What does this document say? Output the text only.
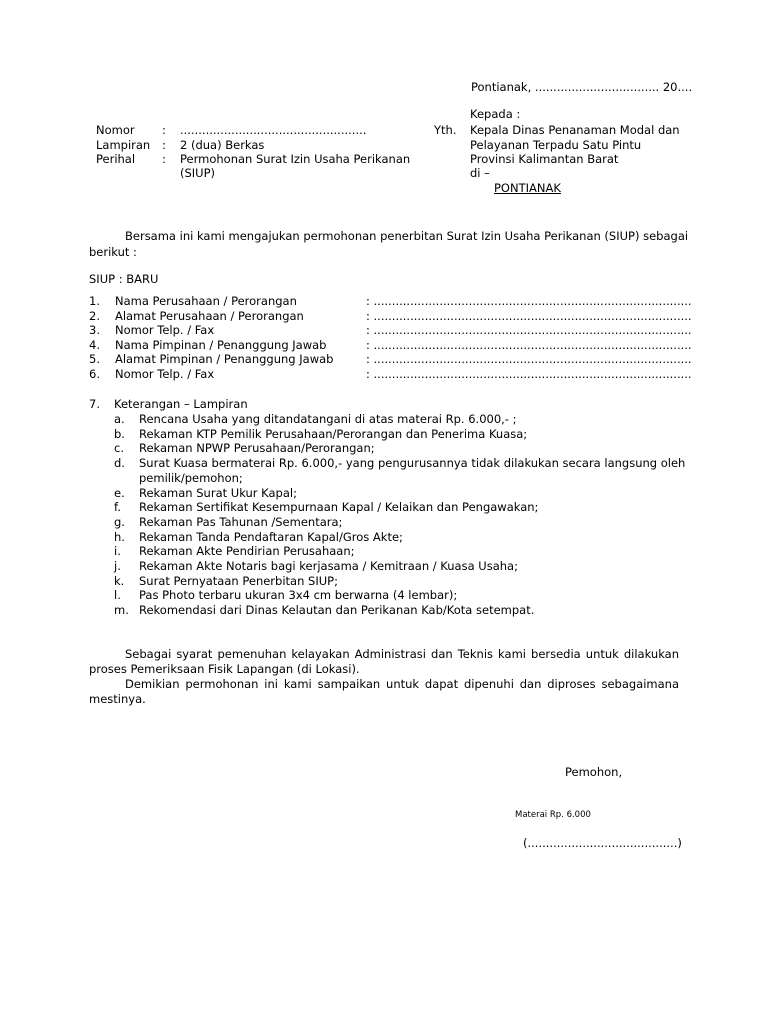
Pontianak, .................................. 20....
Kepada :
Yth. Kepala Dinas Penanaman Modal dan
Pelayanan Terpadu Satu Pintu
Provinsi Kalimantan Barat
di –
PONTIANAK
Nomor : ...................................................
Lampiran : 2 (dua) Berkas
Perihal : Permohonan Surat Izin Usaha Perikanan
(SIUP)
Bersama ini kami mengajukan permohonan penerbitan Surat Izin Usaha Perikanan (SIUP) sebagai
berikut :
SIUP : BARU
1. Nama Perusahaan / Perorangan	: .......................................................................................
2. Alamat Perusahaan / Perorangan	: .......................................................................................
3. Nomor Telp. / Fax	: .......................................................................................
4. Nama Pimpinan / Penanggung Jawab	: .......................................................................................
5. Alamat Pimpinan / Penanggung Jawab	: .......................................................................................
6. Nomor Telp. / Fax	: .......................................................................................
7. Keterangan – Lampiran
a. Rencana Usaha yang ditandatangani di atas materai Rp. 6.000,- ;
b. Rekaman KTP Pemilik Perusahaan/Perorangan dan Penerima Kuasa;
c. Rekaman NPWP Perusahaan/Perorangan;
d. Surat Kuasa bermaterai Rp. 6.000,- yang pengurusannya tidak dilakukan secara langsung oleh
pemilik/pemohon;
e. Rekaman Surat Ukur Kapal;
f. Rekaman Sertifikat Kesempurnaan Kapal / Kelaikan dan Pengawakan;
g. Rekaman Pas Tahunan /Sementara;
h. Rekaman Tanda Pendaftaran Kapal/Gros Akte;
i. Rekaman Akte Pendirian Perusahaan;
j. Rekaman Akte Notaris bagi kerjasama / Kemitraan / Kuasa Usaha;
k. Surat Pernyataan Penerbitan SIUP;
l. Pas Photo terbaru ukuran 3x4 cm berwarna (4 lembar);
m. Rekomendasi dari Dinas Kelautan dan Perikanan Kab/Kota setempat.
Sebagai syarat pemenuhan kelayakan Administrasi dan Teknis kami bersedia untuk dilakukan proses Pemeriksaan Fisik Lapangan (di Lokasi).
Demikian permohonan ini kami sampaikan untuk dapat dipenuhi dan diproses sebagaimana mestinya.
Pemohon,
Materai Rp. 6.000
(.........................................)
